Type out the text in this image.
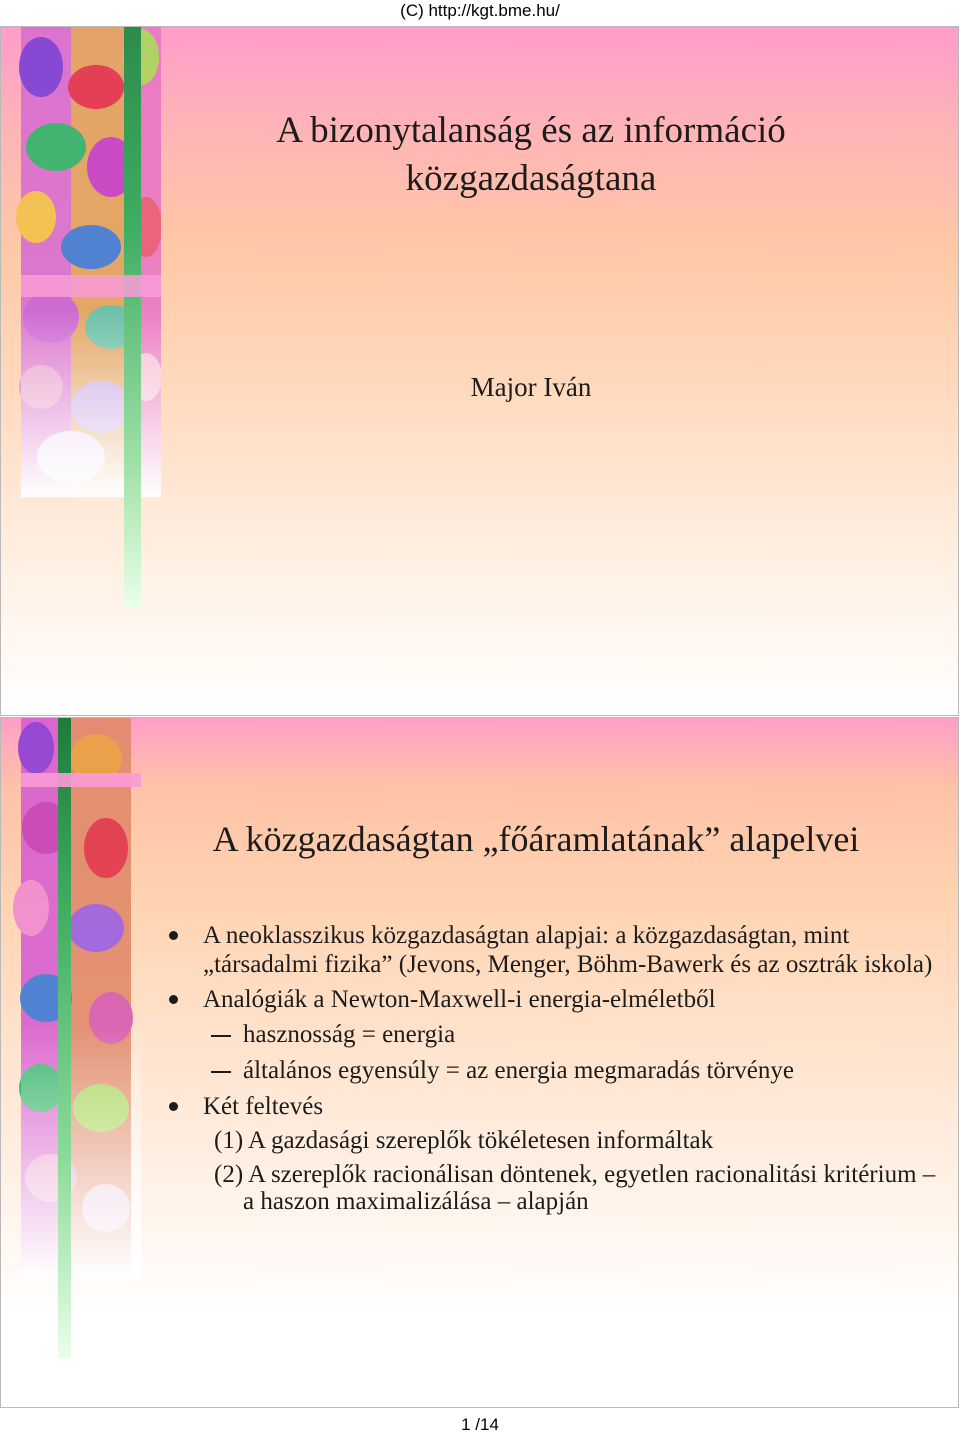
(C) http://kgt.bme.hu/
A bizonytalanság és az információ
közgazdaságtana
Major Iván
A közgazdaságtan „főáramlatának” alapelvei
A neoklasszikus közgazdaságtan alapjai: a közgazdaságtan, mint „társadalmi fizika” (Jevons, Menger, Böhm-Bawerk és az osztrák iskola)
Analógiák a Newton-Maxwell-i energia-elméletből
hasznosság = energia
általános egyensúly = az energia megmaradás törvénye
Két feltevés
(1) A gazdasági szereplők tökéletesen informáltak
(2) A szereplők racionálisan döntenek, egyetlen racionalitási kritérium – a haszon maximalizálása – alapján
1 /14
